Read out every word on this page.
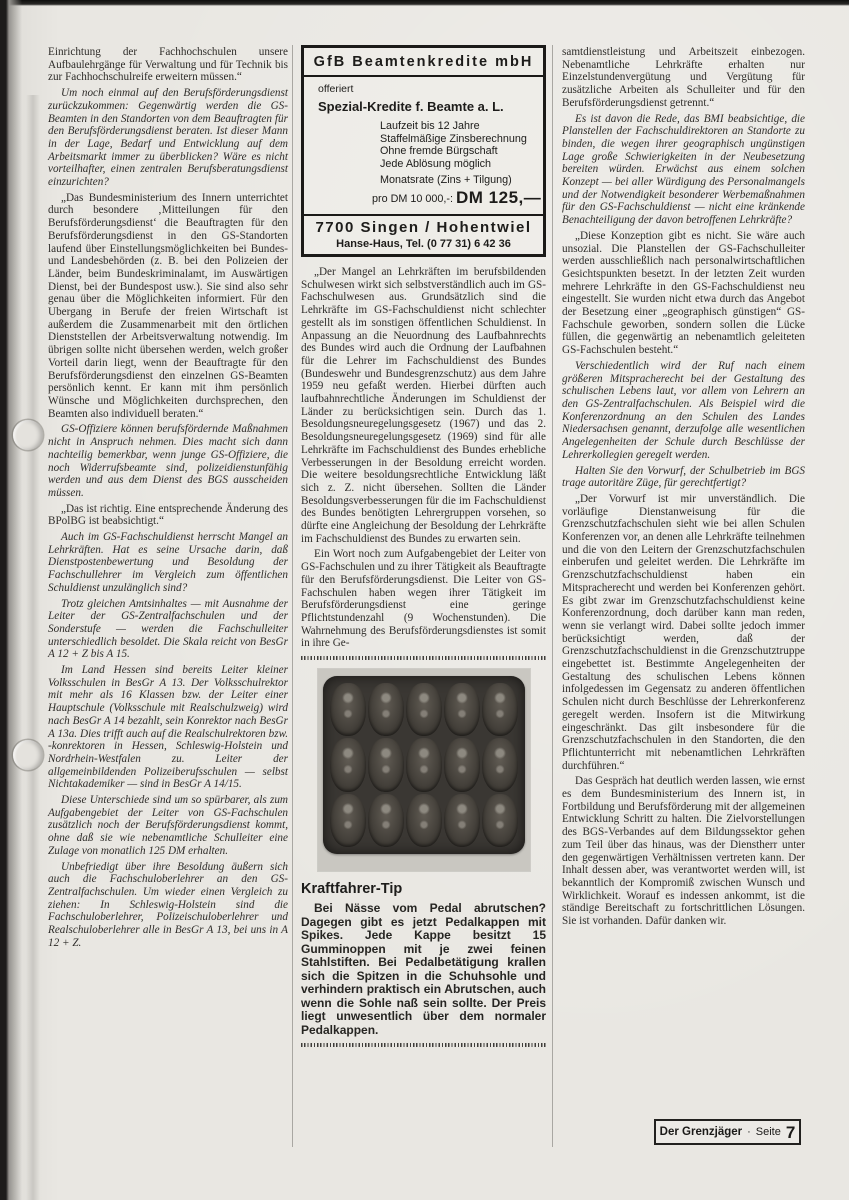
Einrichtung der Fachhochschulen unsere Aufbaulehrgänge für Verwaltung und für Technik bis zur Fachhochschulreife erweitern müssen.“

Um noch einmal auf den Berufsförderungsdienst zurückzukommen: Gegenwärtig werden die GS-Beamten in den Standorten von dem Beauftragten für den Berufsförderungsdienst beraten. Ist dieser Mann in der Lage, Bedarf und Entwicklung auf dem Arbeitsmarkt immer zu überblicken? Wäre es nicht vorteilhafter, einen zentralen Berufsberatungsdienst einzurichten?

„Das Bundesministerium des Innern unterrichtet durch besondere ‚Mitteilungen für den Berufsförderungsdienst‘ die Beauftragten für den Berufsförderungsdienst in den GS-Standorten laufend über Einstellungsmöglichkeiten bei Bundes- und Landesbehörden (z. B. bei den Polizeien der Länder, beim Bundeskriminalamt, im Auswärtigen Dienst, bei der Bundespost usw.). Sie sind also sehr genau über die Möglichkeiten informiert. Für den Ubergang in Berufe der freien Wirtschaft ist außerdem die Zusammenarbeit mit den örtlichen Dienststellen der Arbeitsverwaltung notwendig. Im übrigen sollte nicht übersehen werden, welch großer Vorteil darin liegt, wenn der Beauftragte für den Berufsförderungsdienst den einzelnen GS-Beamten persönlich kennt. Er kann mit ihm persönlich Wünsche und Möglichkeiten durchsprechen, den Beamten also individuell beraten.“

GS-Offiziere können berufsfördernde Maßnahmen nicht in Anspruch nehmen. Dies macht sich dann nachteilig bemerkbar, wenn junge GS-Offiziere, die noch Widerrufsbeamte sind, polizeidienstunfähig werden und aus dem Dienst des BGS ausscheiden müssen.

„Das ist richtig. Eine entsprechende Änderung des BPolBG ist beabsichtigt.“

Auch im GS-Fachschuldienst herrscht Mangel an Lehrkräften. Hat es seine Ursache darin, daß Dienstpostenbewertung und Besoldung der Fachschullehrer im Vergleich zum öffentlichen Schuldienst unzulänglich sind?

Trotz gleichen Amtsinhaltes — mit Ausnahme der Leiter der GS-Zentralfachschulen und der Sonderstufe — werden die Fachschulleiter unterschiedlich besoldet. Die Skala reicht von BesGr A 12 + Z bis A 15.

Im Land Hessen sind bereits Leiter kleiner Volksschulen in BesGr A 13. Der Volksschulrektor mit mehr als 16 Klassen bzw. der Leiter einer Hauptschule (Volksschule mit Realschulzweig) wird nach BesGr A 14 bezahlt, sein Konrektor nach BesGr A 13a. Dies trifft auch auf die Realschulrektoren bzw. -konrektoren in Hessen, Schleswig-Holstein und Nordrhein-Westfalen zu. Leiter der allgemeinbildenden Polizeiberufsschulen — selbst Nichtakademiker — sind in BesGr A 14/15.

Diese Unterschiede sind um so spürbarer, als zum Aufgabengebiet der Leiter von GS-Fachschulen zusätzlich noch der Berufsförderungsdienst kommt, ohne daß sie wie nebenamtliche Schulleiter eine Zulage von monatlich 125 DM erhalten.

Unbefriedigt über ihre Besoldung äußern sich auch die Fachschuloberlehrer an den GS-Zentralfachschulen. Um wieder einen Vergleich zu ziehen: In Schleswig-Holstein sind die Fachschuloberlehrer, Polizeischuloberlehrer und Realschuloberlehrer alle in BesGr A 13, bei uns in A 12 + Z.

GfB Beamtenkredite mbH
offeriert
Spezial-Kredite f. Beamte a. L.
Laufzeit bis 12 Jahre
Staffelmäßige Zinsberechnung
Ohne fremde Bürgschaft
Jede Ablösung möglich
Monatsrate (Zins + Tilgung)
pro DM 10 000,-: DM 125,—
7700 Singen / Hohentwiel
Hanse-Haus, Tel. (0 77 31) 6 42 36

„Der Mangel an Lehrkräften im berufsbildenden Schulwesen wirkt sich selbstverständlich auch im GS-Fachschulwesen aus. Grundsätzlich sind die Lehrkräfte im GS-Fachschuldienst nicht schlechter gestellt als im sonstigen öffentlichen Schuldienst. In Anpassung an die Neuordnung des Laufbahnrechts des Bundes wird auch die Ordnung der Laufbahnen für die Lehrer im Fachschuldienst des Bundes (Bundeswehr und Bundesgrenzschutz) aus dem Jahre 1959 neu gefaßt werden. Hierbei dürften auch laufbahnrechtliche Änderungen im Schuldienst der Länder zu berücksichtigen sein. Durch das 1. Besoldungsneuregelungsgesetz (1967) und das 2. Besoldungsneuregelungsgesetz (1969) sind für alle Lehrkräfte im Fachschuldienst des Bundes erhebliche Verbesserungen in der Besoldung erreicht worden. Die weitere besoldungsrechtliche Entwicklung läßt sich z. Z. nicht übersehen. Sollten die Länder Besoldungsverbesserungen für die im Fachschuldienst des Bundes benötigten Lehrergruppen vorsehen, so dürfte eine Angleichung der Besoldung der Lehrkräfte im Fachschuldienst des Bundes zu erwarten sein.

Ein Wort noch zum Aufgabengebiet der Leiter von GS-Fachschulen und zu ihrer Tätigkeit als Beauftragte für den Berufsförderungsdienst. Die Leiter von GS-Fachschulen haben wegen ihrer Tätigkeit im Berufsförderungsdienst eine geringe Pflichtstundenzahl (9 Wochenstunden). Die Wahrnehmung des Berufsförderungsdienstes ist somit in ihre Ge-

Kraftfahrer-Tip

Bei Nässe vom Pedal abrutschen? Dagegen gibt es jetzt Pedalkappen mit Spikes. Jede Kappe besitzt 15 Gumminoppen mit je zwei feinen Stahlstiften. Bei Pedalbetätigung krallen sich die Spitzen in die Schuhsohle und verhindern praktisch ein Abrutschen, auch wenn die Sohle naß sein sollte. Der Preis liegt unwesentlich über dem normaler Pedalkappen.

samtdienstleistung und Arbeitszeit einbezogen. Nebenamtliche Lehrkräfte erhalten nur Einzelstundenvergütung und Vergütung für zusätzliche Arbeiten als Schulleiter und für den Berufsförderungsdienst getrennt.“

Es ist davon die Rede, das BMI beabsichtige, die Planstellen der Fachschuldirektoren an Standorte zu binden, die wegen ihrer geographisch ungünstigen Lage große Schwierigkeiten in der Neubesetzung bereiten würden. Erwächst aus einem solchen Konzept — bei aller Würdigung des Personalmangels und der Notwendigkeit besonderer Werbemaßnahmen für den GS-Fachschuldienst — nicht eine kränkende Benachteiligung der davon betroffenen Lehrkräfte?

„Diese Konzeption gibt es nicht. Sie wäre auch unsozial. Die Planstellen der GS-Fachschulleiter werden ausschließlich nach personalwirtschaftlichen Gesichtspunkten besetzt. In der letzten Zeit wurden mehrere Lehrkräfte in den GS-Fachschuldienst neu eingestellt. Sie wurden nicht etwa durch das Angebot der Besetzung einer „geographisch günstigen“ GS-Fachschule geworben, sondern sollen die Lücke füllen, die gegenwärtig an nebenamtlich geleiteten GS-Fachschulen besteht.“

Verschiedentlich wird der Ruf nach einem größeren Mitspracherecht bei der Gestaltung des schulischen Lebens laut, vor allem von Lehrern an den GS-Zentralfachschulen. Als Beispiel wird die Konferenzordnung an den Schulen des Landes Niedersachsen genannt, derzufolge alle wesentlichen Angelegenheiten der Schule durch Beschlüsse der Lehrerkollegien geregelt werden.

Halten Sie den Vorwurf, der Schulbetrieb im BGS trage autoritäre Züge, für gerechtfertigt?

„Der Vorwurf ist mir unverständlich. Die vorläufige Dienstanweisung für die Grenzschutzfachschulen sieht wie bei allen Schulen Konferenzen vor, an denen alle Lehrkräfte teilnehmen und die von den Leitern der Grenzschutzfachschulen einberufen und geleitet werden. Die Lehrkräfte im Grenzschutzfachschuldienst haben ein Mitspracherecht und werden bei Konferenzen gehört. Es gibt zwar im Grenzschutzfachschuldienst keine Konferenzordnung, doch darüber kann man reden, wenn sie verlangt wird. Dabei sollte jedoch immer berücksichtigt werden, daß der Grenzschutzfachschuldienst in die Grenzschutztruppe eingebettet ist. Bestimmte Angelegenheiten der Gestaltung des schulischen Lebens können infolgedessen im Gegensatz zu anderen öffentlichen Schulen nicht durch Beschlüsse der Lehrerkonferenz geregelt werden. Insofern ist die Mitwirkung eingeschränkt. Das gilt insbesondere für die Grenzschutzfachschulen in den Standorten, die den Pflichtunterricht mit nebenamtlichen Lehrkräften durchführen.“

Das Gespräch hat deutlich werden lassen, wie ernst es dem Bundesministerium des Innern ist, in Fortbildung und Berufsförderung mit der allgemeinen Entwicklung Schritt zu halten. Die Zielvorstellungen des BGS-Verbandes auf dem Bildungssektor gehen zum Teil über das hinaus, was der Dienstherr unter den gegenwärtigen Verhältnissen vertreten kann. Der Inhalt dessen aber, was verantwortet werden will, ist bekanntlich der Kompromiß zwischen Wunsch und Wirklichkeit. Worauf es indessen ankommt, ist die ständige Bereitschaft zu fortschrittlichen Lösungen. Sie ist vorhanden. Dafür danken wir.

Der Grenzjäger · Seite 7
